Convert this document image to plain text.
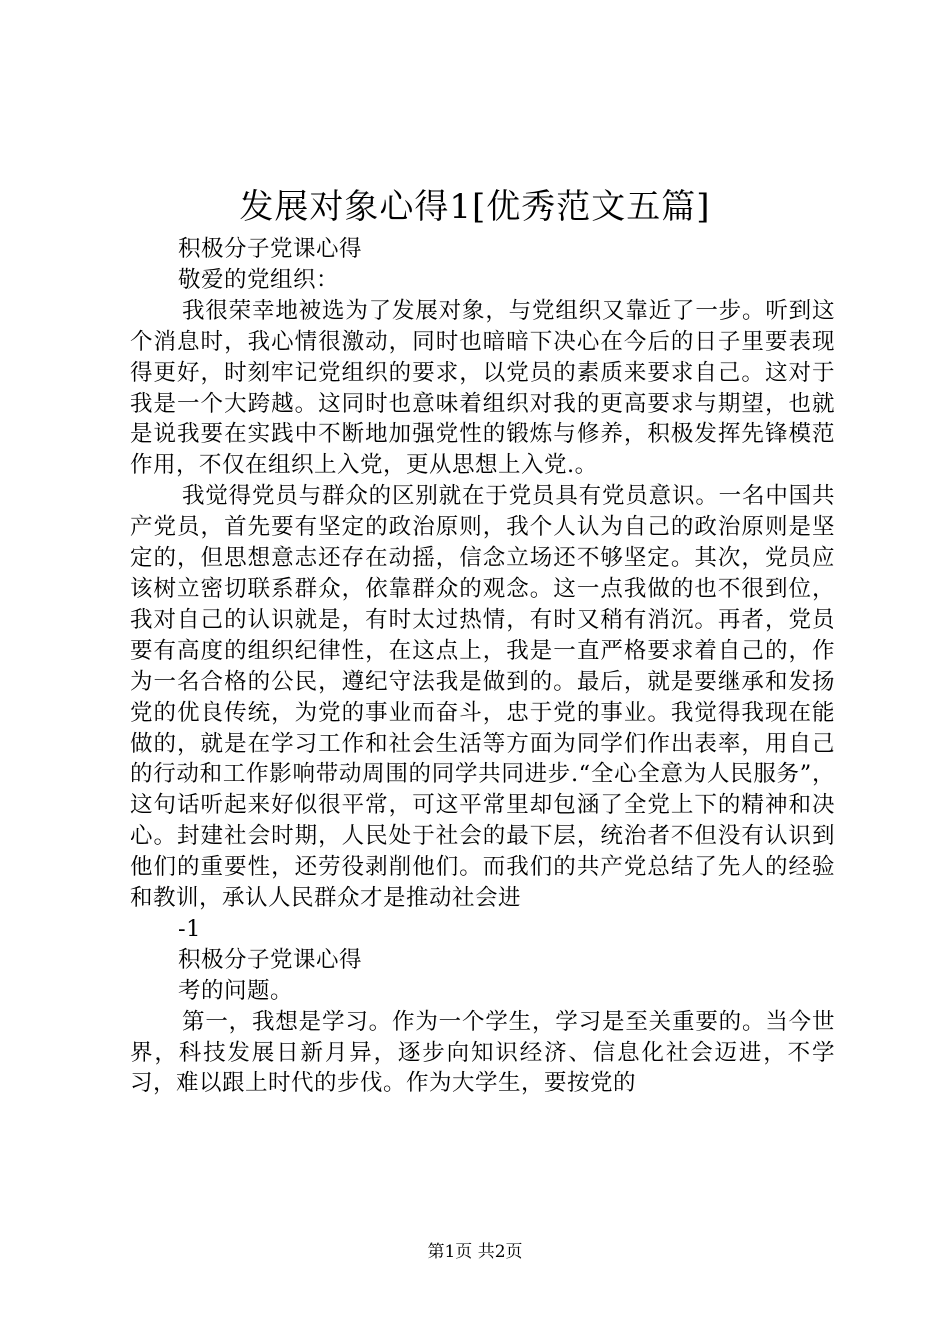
发展对象心得1[优秀范文五篇]

积极分子党课心得

敬爱的党组织：

我很荣幸地被选为了发展对象，与党组织又靠近了一步。听到这个消息时，我心情很激动，同时也暗暗下决心在今后的日子里要表现得更好，时刻牢记党组织的要求，以党员的素质来要求自己。这对于我是一个大跨越。这同时也意味着组织对我的更高要求与期望，也就是说我要在实践中不断地加强党性的锻炼与修养，积极发挥先锋模范作用，不仅在组织上入党，更从思想上入党.。

我觉得党员与群众的区别就在于党员具有党员意识。一名中国共产党员，首先要有坚定的政治原则，我个人认为自己的政治原则是坚定的，但思想意志还存在动摇，信念立场还不够坚定。其次，党员应该树立密切联系群众，依靠群众的观念。这一点我做的也不很到位，我对自己的认识就是，有时太过热情，有时又稍有消沉。再者，党员要有高度的组织纪律性，在这点上，我是一直严格要求着自己的，作为一名合格的公民，遵纪守法我是做到的。最后，就是要继承和发扬党的优良传统，为党的事业而奋斗，忠于党的事业。我觉得我现在能做的，就是在学习工作和社会生活等方面为同学们作出表率，用自己的行动和工作影响带动周围的同学共同进步.“全心全意为人民服务”，这句话听起来好似很平常，可这平常里却包涵了全党上下的精神和决心。封建社会时期，人民处于社会的最下层，统治者不但没有认识到他们的重要性，还劳役剥削他们。而我们的共产党总结了先人的经验和教训，承认人民群众才是推动社会进

-1

积极分子党课心得

考的问题。

第一，我想是学习。作为一个学生，学习是至关重要的。当今世界，科技发展日新月异，逐步向知识经济、信息化社会迈进，不学习，难以跟上时代的步伐。作为大学生，要按党的

第1页 共2页
